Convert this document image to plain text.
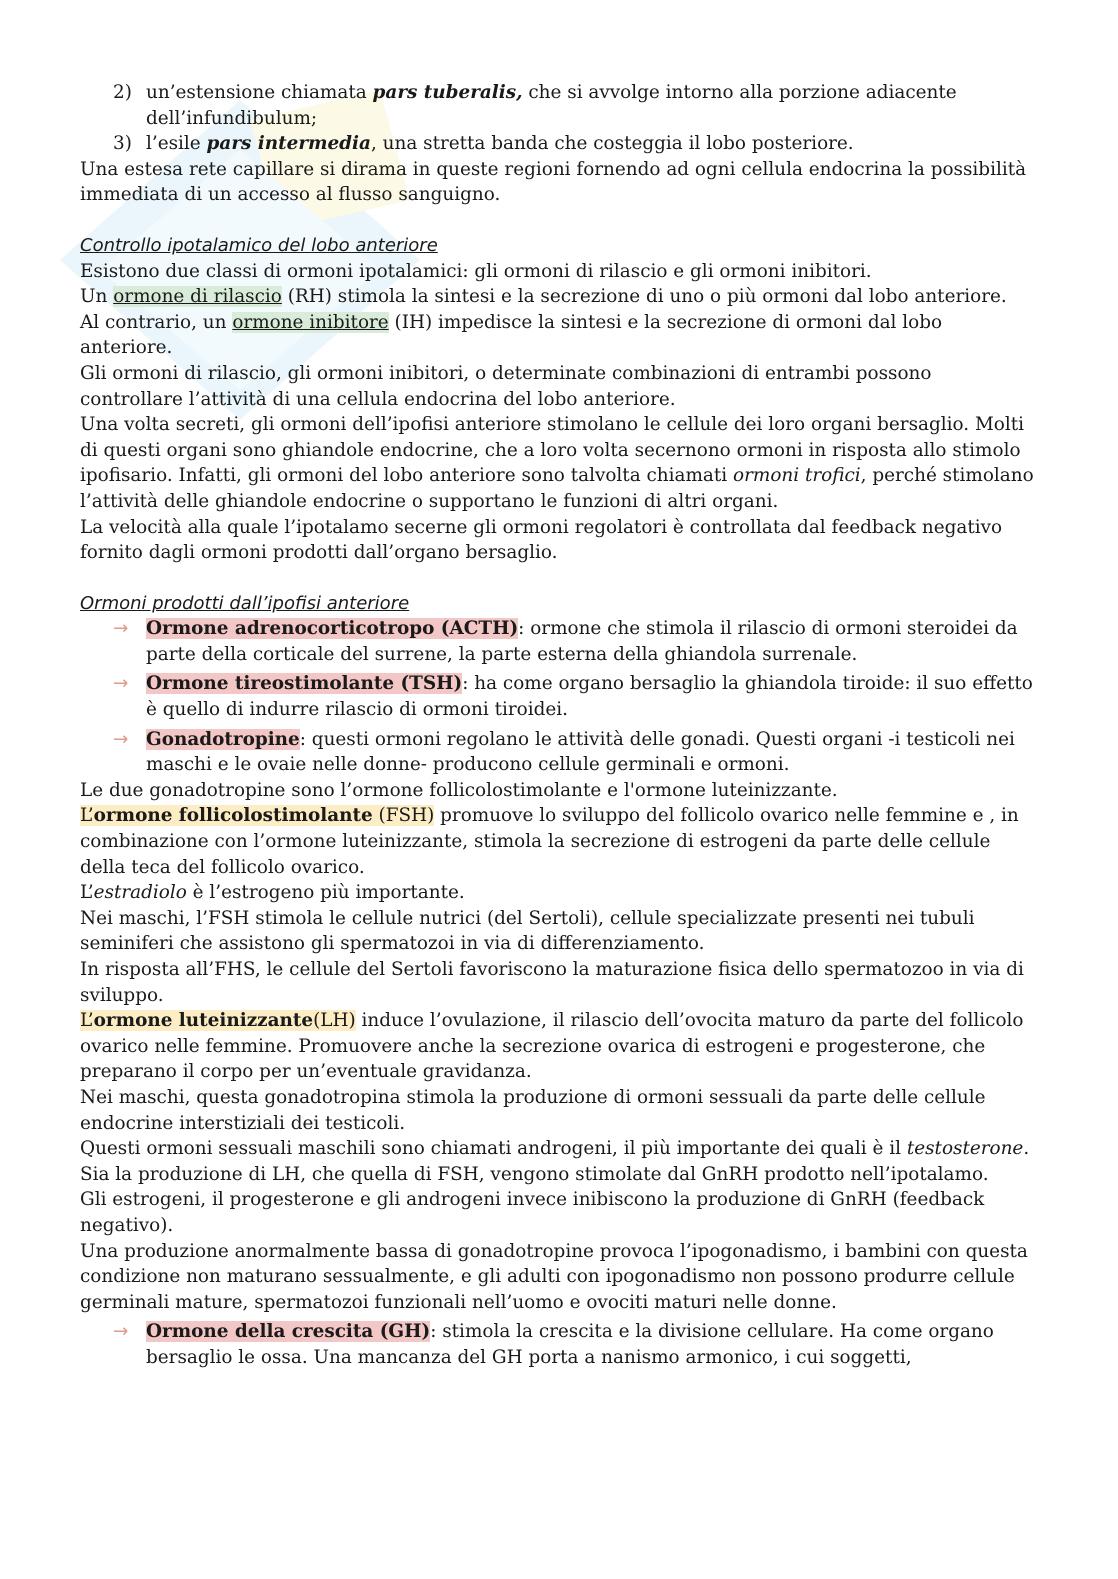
2) un’estensione chiamata pars tuberalis, che si avvolge intorno alla porzione adiacente dell’infundibulum;
3) l’esile pars intermedia, una stretta banda che costeggia il lobo posteriore.

Una estesa rete capillare si dirama in queste regioni fornendo ad ogni cellula endocrina la possibilità immediata di un accesso al flusso sanguigno.

Controllo ipotalamico del lobo anteriore

Esistono due classi di ormoni ipotalamici: gli ormoni di rilascio e gli ormoni inibitori.

Un ormone di rilascio (RH) stimola la sintesi e la secrezione di uno o più ormoni dal lobo anteriore.

Al contrario, un ormone inibitore (IH) impedisce la sintesi e la secrezione di ormoni dal lobo anteriore.

Gli ormoni di rilascio, gli ormoni inibitori, o determinate combinazioni di entrambi possono controllare l’attività di una cellula endocrina del lobo anteriore.

Una volta secreti, gli ormoni dell’ipofisi anteriore stimolano le cellule dei loro organi bersaglio. Molti di questi organi sono ghiandole endocrine, che a loro volta secernono ormoni in risposta allo stimolo ipofisario. Infatti, gli ormoni del lobo anteriore sono talvolta chiamati ormoni trofici, perché stimolano l’attività delle ghiandole endocrine o supportano le funzioni di altri organi.

La velocità alla quale l’ipotalamo secerne gli ormoni regolatori è controllata dal feedback negativo fornito dagli ormoni prodotti dall’organo bersaglio.

Ormoni prodotti dall’ipofisi anteriore

→ Ormone adrenocorticotropo (ACTH): ormone che stimola il rilascio di ormoni steroidei da parte della corticale del surrene, la parte esterna della ghiandola surrenale.
→ Ormone tireostimolante (TSH): ha come organo bersaglio la ghiandola tiroide: il suo effetto è quello di indurre rilascio di ormoni tiroidei.
→ Gonadotropine: questi ormoni regolano le attività delle gonadi. Questi organi -i testicoli nei maschi e le ovaie nelle donne- producono cellule germinali e ormoni.

Le due gonadotropine sono l’ormone follicolostimolante e l'ormone luteinizzante.

L’ormone follicolostimolante (FSH) promuove lo sviluppo del follicolo ovarico nelle femmine e , in combinazione con l’ormone luteinizzante, stimola la secrezione di estrogeni da parte delle cellule della teca del follicolo ovarico.

L’estradiolo è l’estrogeno più importante.

Nei maschi, l’FSH stimola le cellule nutrici (del Sertoli), cellule specializzate presenti nei tubuli seminiferi che assistono gli spermatozoi in via di differenziamento.

In risposta all’FHS, le cellule del Sertoli favoriscono la maturazione fisica dello spermatozoo in via di sviluppo.

L’ormone luteinizzante(LH) induce l’ovulazione, il rilascio dell’ovocita maturo da parte del follicolo ovarico nelle femmine. Promuovere anche la secrezione ovarica di estrogeni e progesterone, che preparano il corpo per un’eventuale gravidanza.

Nei maschi, questa gonadotropina stimola la produzione di ormoni sessuali da parte delle cellule endocrine interstiziali dei testicoli.

Questi ormoni sessuali maschili sono chiamati androgeni, il più importante dei quali è il testosterone.

Sia la produzione di LH, che quella di FSH, vengono stimolate dal GnRH prodotto nell’ipotalamo.

Gli estrogeni, il progesterone e gli androgeni invece inibiscono la produzione di GnRH (feedback negativo).

Una produzione anormalmente bassa di gonadotropine provoca l’ipogonadismo, i bambini con questa condizione non maturano sessualmente, e gli adulti con ipogonadismo non possono produrre cellule germinali mature, spermatozoi funzionali nell’uomo e ovociti maturi nelle donne.

→ Ormone della crescita (GH): stimola la crescita e la divisione cellulare. Ha come organo bersaglio le ossa. Una mancanza del GH porta a nanismo armonico, i cui soggetti,
